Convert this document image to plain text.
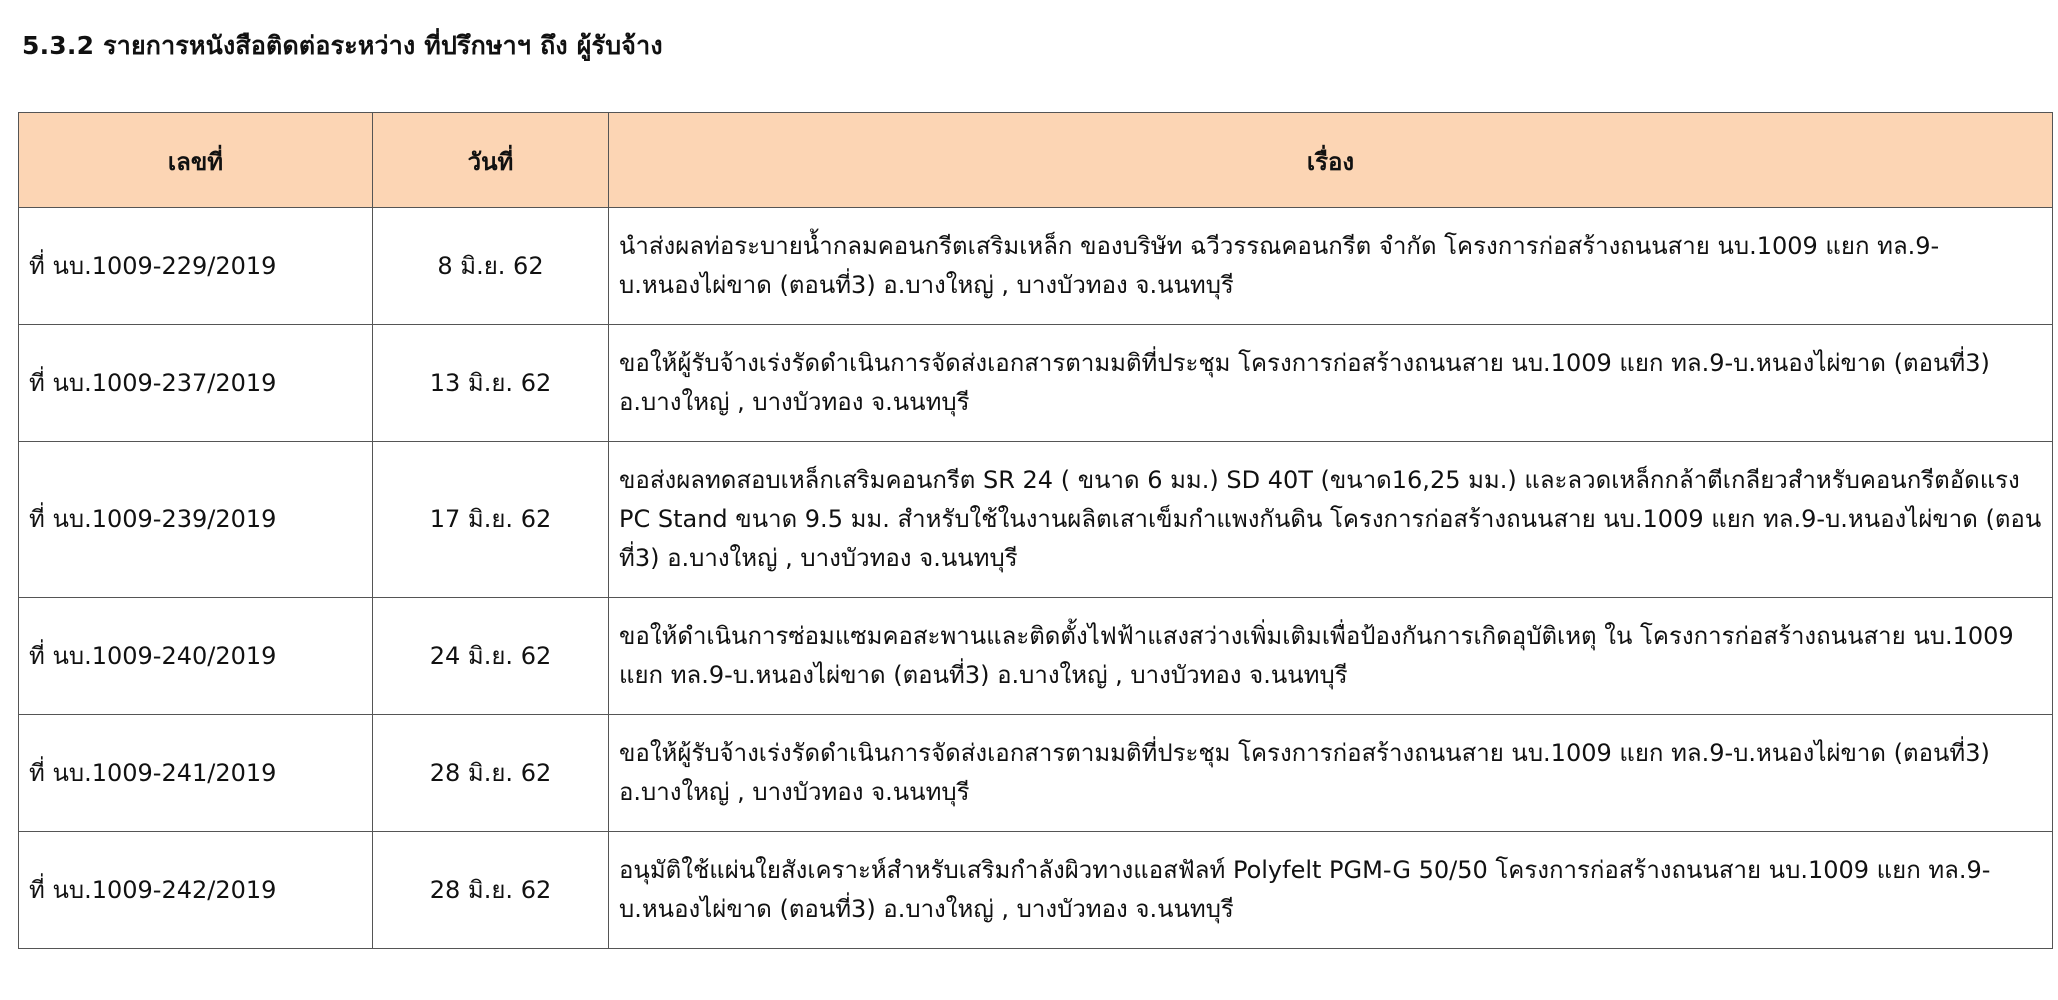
5.3.2 รายการหนังสือติดต่อระหว่าง ที่ปรึกษาฯ ถึง ผู้รับจ้าง
เลขที่	วันที่	เรื่อง
ที่ นบ.1009-229/2019	8 มิ.ย. 62	นำส่งผลท่อระบายน้ำกลมคอนกรีตเสริมเหล็ก ของบริษัท ฉวีวรรณคอนกรีต จำกัด โครงการก่อสร้างถนนสาย นบ.1009 แยก ทล.9-บ.หนองไผ่ขาด (ตอนที่3) อ.บางใหญ่ , บางบัวทอง จ.นนทบุรี
ที่ นบ.1009-237/2019	13 มิ.ย. 62	ขอให้ผู้รับจ้างเร่งรัดดำเนินการจัดส่งเอกสารตามมติที่ประชุม โครงการก่อสร้างถนนสาย นบ.1009 แยก ทล.9-บ.หนองไผ่ขาด (ตอนที่3) อ.บางใหญ่ , บางบัวทอง จ.นนทบุรี
ที่ นบ.1009-239/2019	17 มิ.ย. 62	ขอส่งผลทดสอบเหล็กเสริมคอนกรีต SR 24 ( ขนาด 6 มม.) SD 40T (ขนาด16,25 มม.) และลวดเหล็กกล้าตีเกลียวสำหรับคอนกรีตอัดแรง PC Stand ขนาด 9.5 มม. สำหรับใช้ในงานผลิตเสาเข็มกำแพงกันดิน โครงการก่อสร้างถนนสาย นบ.1009 แยก ทล.9-บ.หนองไผ่ขาด (ตอนที่3) อ.บางใหญ่ , บางบัวทอง จ.นนทบุรี
ที่ นบ.1009-240/2019	24 มิ.ย. 62	ขอให้ดำเนินการซ่อมแซมคอสะพานและติดตั้งไฟฟ้าแสงสว่างเพิ่มเติมเพื่อป้องกันการเกิดอุบัติเหตุ ใน โครงการก่อสร้างถนนสาย นบ.1009 แยก ทล.9-บ.หนองไผ่ขาด (ตอนที่3) อ.บางใหญ่ , บางบัวทอง จ.นนทบุรี
ที่ นบ.1009-241/2019	28 มิ.ย. 62	ขอให้ผู้รับจ้างเร่งรัดดำเนินการจัดส่งเอกสารตามมติที่ประชุม โครงการก่อสร้างถนนสาย นบ.1009 แยก ทล.9-บ.หนองไผ่ขาด (ตอนที่3) อ.บางใหญ่ , บางบัวทอง จ.นนทบุรี
ที่ นบ.1009-242/2019	28 มิ.ย. 62	อนุมัติใช้แผ่นใยสังเคราะห์สำหรับเสริมกำลังผิวทางแอสฟัลท์ Polyfelt PGM-G 50/50 โครงการก่อสร้างถนนสาย นบ.1009 แยก ทล.9-บ.หนองไผ่ขาด (ตอนที่3) อ.บางใหญ่ , บางบัวทอง จ.นนทบุรี
